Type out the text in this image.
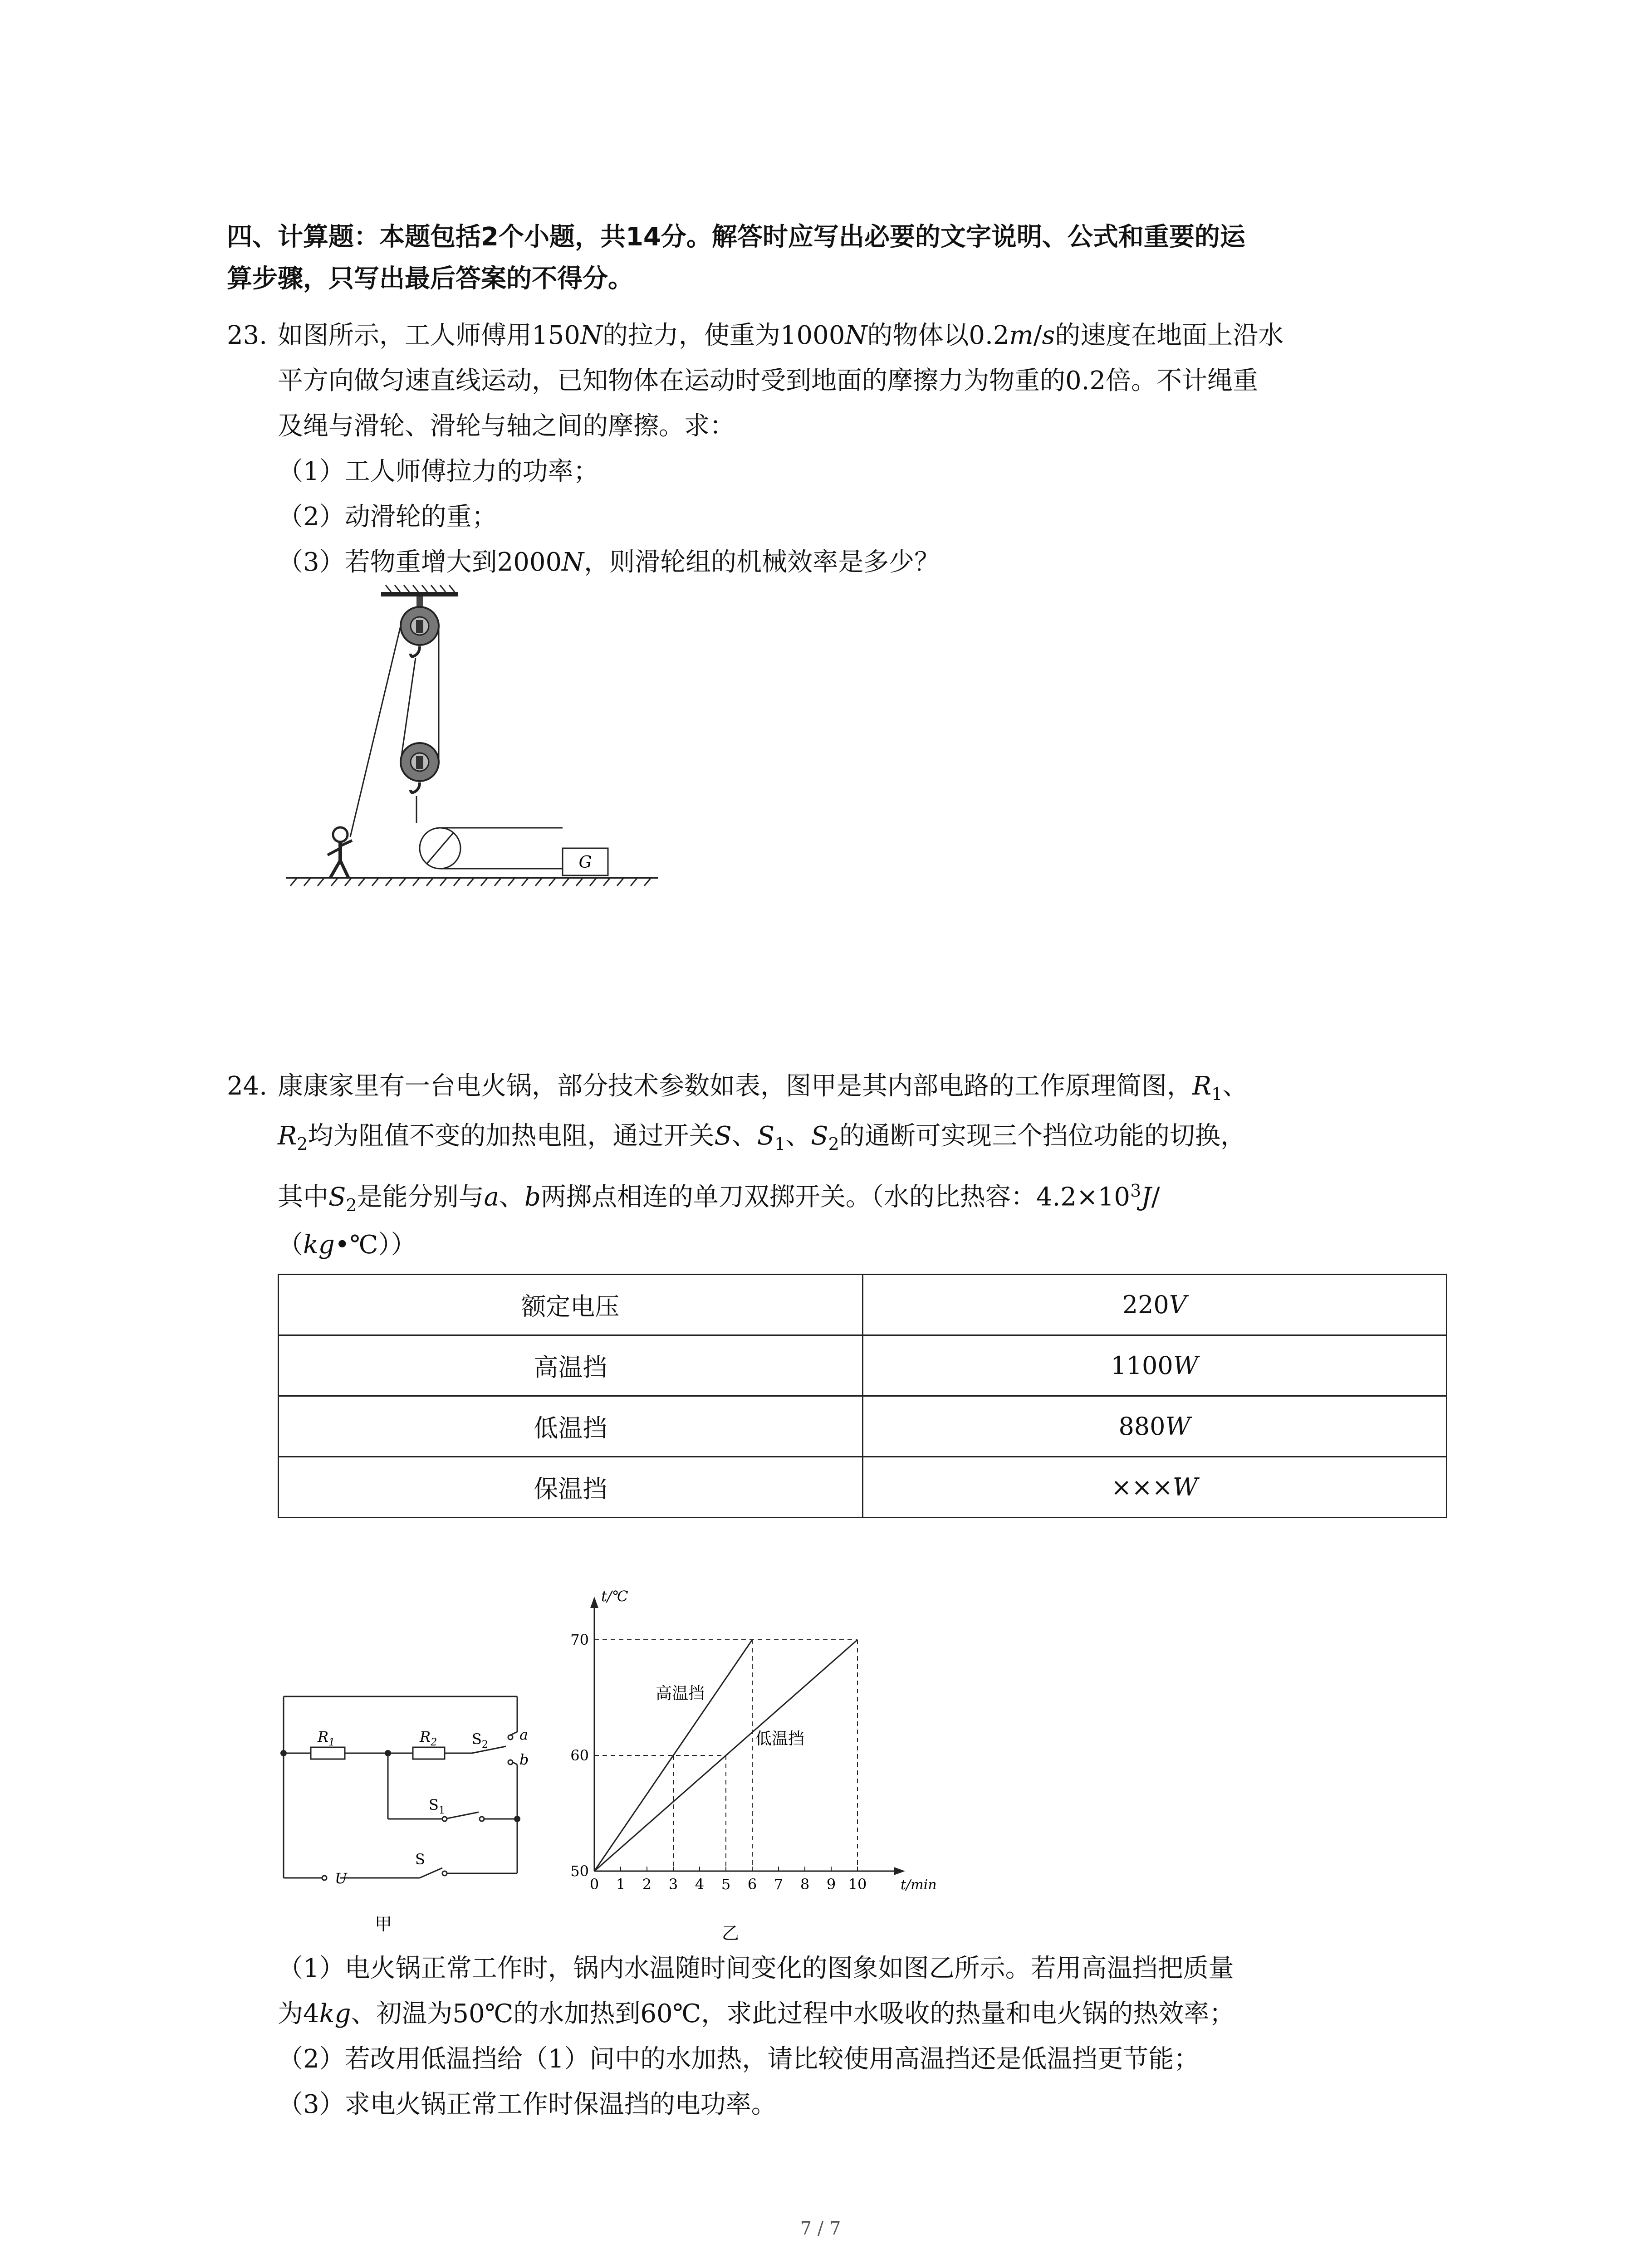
四、计算题：本题包括2个小题，共14分。解答时应写出必要的文字说明、公式和重要的运
算步骤，只写出最后答案的不得分。
23. 如图所示，工人师傅用150N的拉力，使重为1000N的物体以0.2m/s的速度在地面上沿水
平方向做匀速直线运动，已知物体在运动时受到地面的摩擦力为物重的0.2倍。不计绳重
及绳与滑轮、滑轮与轴之间的摩擦。求：
（1）工人师傅拉力的功率；
（2）动滑轮的重；
（3）若物重增大到2000N，则滑轮组的机械效率是多少？
G
24. 康康家里有一台电火锅，部分技术参数如表，图甲是其内部电路的工作原理简图，$R_1$、
$R_2$均为阻值不变的加热电阻，通过开关S、$S_1$、$S_2$的通断可实现三个挡位功能的切换，
其中$S_2$是能分别与a、b两掷点相连的单刀双掷开关。（水的比热容：$4.2\times 10^3J/$
（kg•℃））
额定电压	220V
高温挡	1100W
低温挡	880W
保温挡	×××W
$R_1$	$R_2$ $S_2$
a
b
$S_1$
S
U
甲
t/℃
t/min
0 1 2 3 4 5 6 7 8 9 10
50
60
70
高温挡
低温挡
乙
（1）电火锅正常工作时，锅内水温随时间变化的图象如图乙所示。若用高温挡把质量
为4kg、初温为50℃的水加热到60℃，求此过程中水吸收的热量和电火锅的热效率；
（2）若改用低温挡给（1）问中的水加热，请比较使用高温挡还是低温挡更节能；
（3）求电火锅正常工作时保温挡的电功率。
7 / 7
